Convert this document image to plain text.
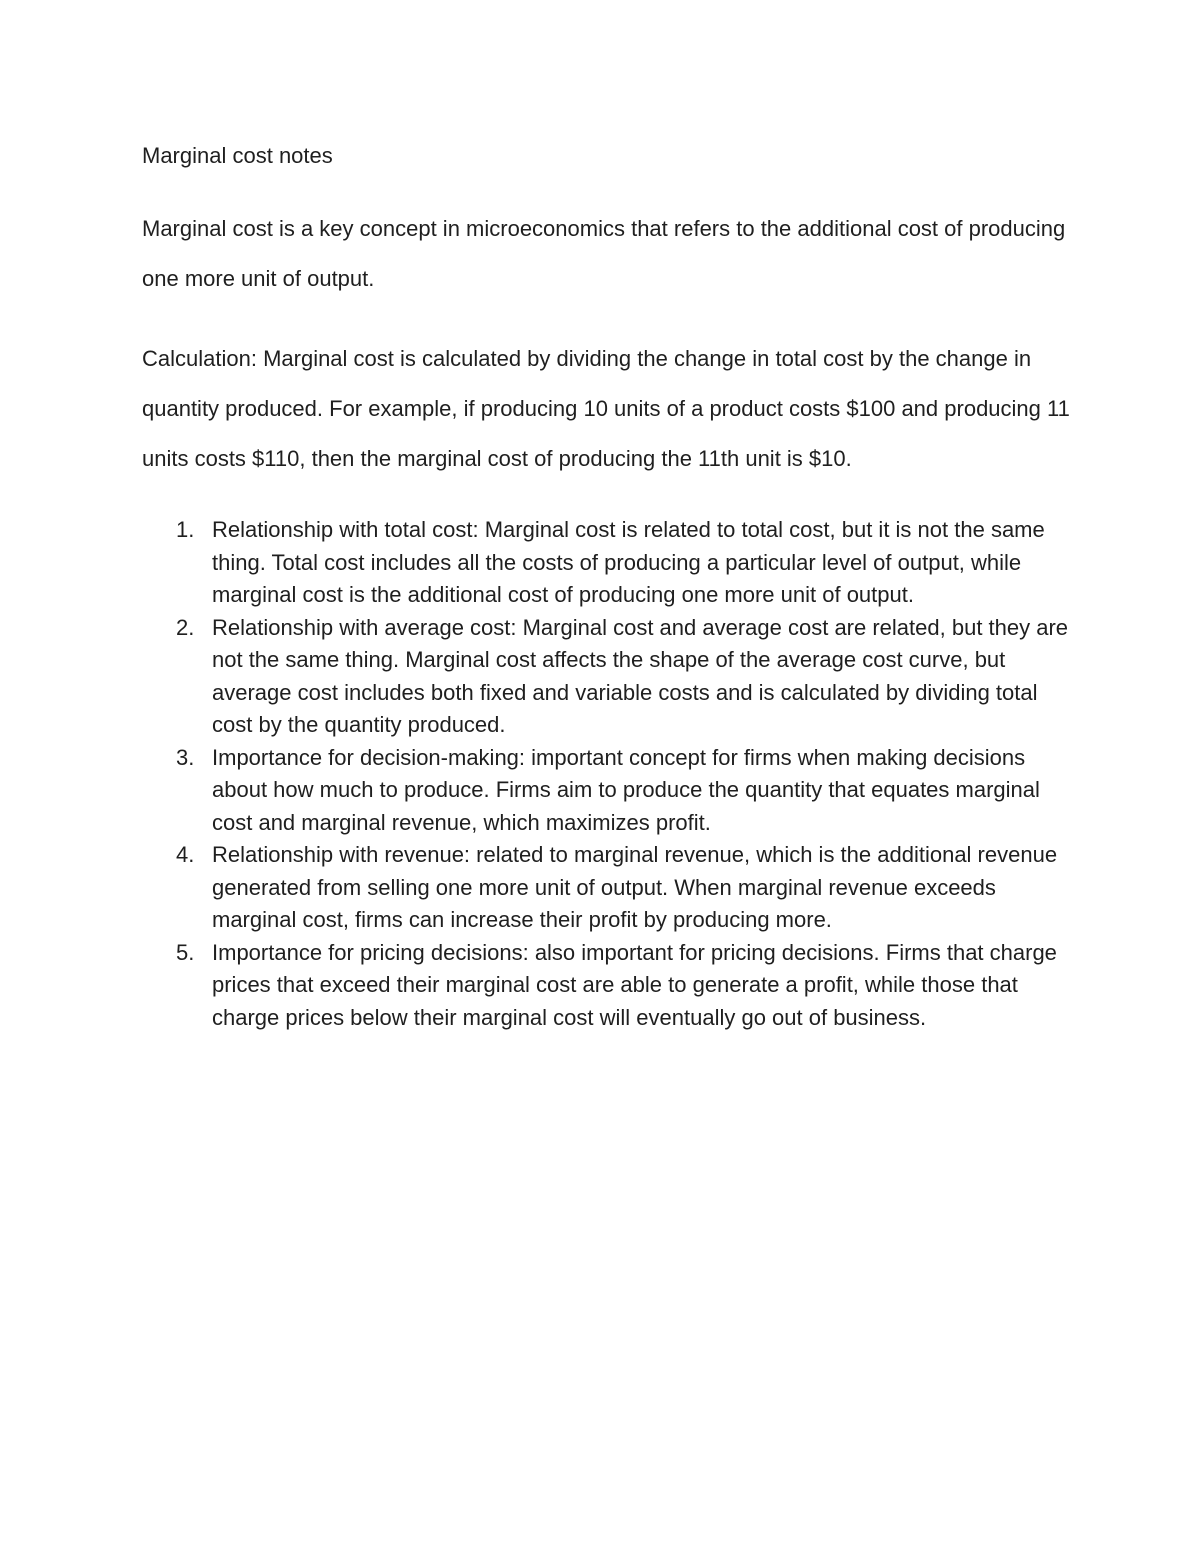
Marginal cost notes

Marginal cost is a key concept in microeconomics that refers to the additional cost of producing one more unit of output.

Calculation: Marginal cost is calculated by dividing the change in total cost by the change in quantity produced. For example, if producing 10 units of a product costs $100 and producing 11 units costs $110, then the marginal cost of producing the 11th unit is $10.

1. Relationship with total cost: Marginal cost is related to total cost, but it is not the same thing. Total cost includes all the costs of producing a particular level of output, while marginal cost is the additional cost of producing one more unit of output.
2. Relationship with average cost: Marginal cost and average cost are related, but they are not the same thing. Marginal cost affects the shape of the average cost curve, but average cost includes both fixed and variable costs and is calculated by dividing total cost by the quantity produced.
3. Importance for decision-making: important concept for firms when making decisions about how much to produce. Firms aim to produce the quantity that equates marginal cost and marginal revenue, which maximizes profit.
4. Relationship with revenue: related to marginal revenue, which is the additional revenue generated from selling one more unit of output. When marginal revenue exceeds marginal cost, firms can increase their profit by producing more.
5. Importance for pricing decisions: also important for pricing decisions. Firms that charge prices that exceed their marginal cost are able to generate a profit, while those that charge prices below their marginal cost will eventually go out of business.
